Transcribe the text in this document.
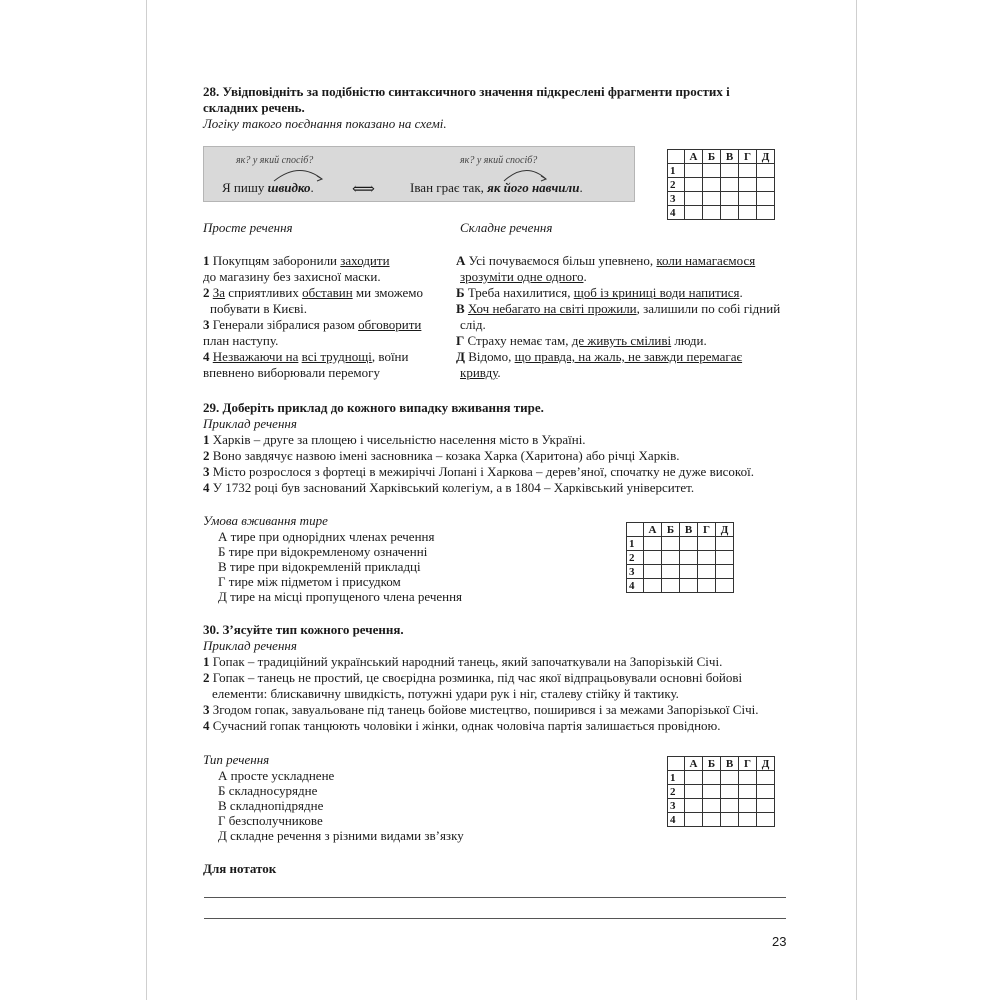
28. Увідповідніть за подібністю синтаксичного значення підкреслені фрагменти простих і
складних речень.
Логіку такого поєднання показано на схемі.
як? у який спосіб?
Я пишу швидко. ⟺
як? у який спосіб?
Іван грає так, як його навчили.
	А	Б	В	Г	Д
1					
2					
3					
4					
Просте речення	Складне речення
1 Покупцям заборонили заходити
до магазину без захисної маски.
2 За сприятливих обставин ми зможемо
побувати в Києві.
3 Генерали зібралися разом обговорити
план наступу.
4 Незважаючи на всі труднощі, воїни
впевнено виборювали перемогу
А Усі почуваємося більш упевнено, коли намагаємося
зрозуміти одне одного.
Б Треба нахилитися, щоб із криниці води напитися.
В Хоч небагато на світі прожили, залишили по собі гідний
слід.
Г Страху немає там, де живуть сміливі люди.
Д Відомо, що правда, на жаль, не завжди перемагає
кривду.
29. Доберіть приклад до кожного випадку вживання тире.
Приклад речення
1 Харків – друге за площею і чисельністю населення місто в Україні.
2 Воно завдячує назвою імені засновника – козака Харка (Харитона) або річці Харків.
3 Місто розрослося з фортеці в межиріччі Лопані і Харкова – дерев’яної, спочатку не дуже високої.
4 У 1732 році був заснований Харківський колегіум, а в 1804 – Харківський університет.
Умова вживання тире
А тире при однорідних членах речення
Б тире при відокремленому означенні
В тире при відокремленій прикладці
Г тире між підметом і присудком
Д тире на місці пропущеного члена речення
	А	Б	В	Г	Д
1					
2					
3					
4					
30. З’ясуйте тип кожного речення.
Приклад речення
1 Гопак – традиційний український народний танець, який започаткували на Запорізькій Січі.
2 Гопак – танець не простий, це своєрідна розминка, під час якої відпрацьовували основні бойові
елементи: блискавичну швидкість, потужні удари рук і ніг, сталеву стійку й тактику.
3 Згодом гопак, завуальоване під танець бойове мистецтво, поширився і за межами Запорізької Січі.
4 Сучасний гопак танцюють чоловіки і жінки, однак чоловіча партія залишається провідною.
Тип речення
А просте ускладнене
Б складносурядне
В складнопідрядне
Г безсполучникове
Д складне речення з різними видами зв’язку
	А	Б	В	Г	Д
1					
2					
3					
4					
Для нотаток
23
